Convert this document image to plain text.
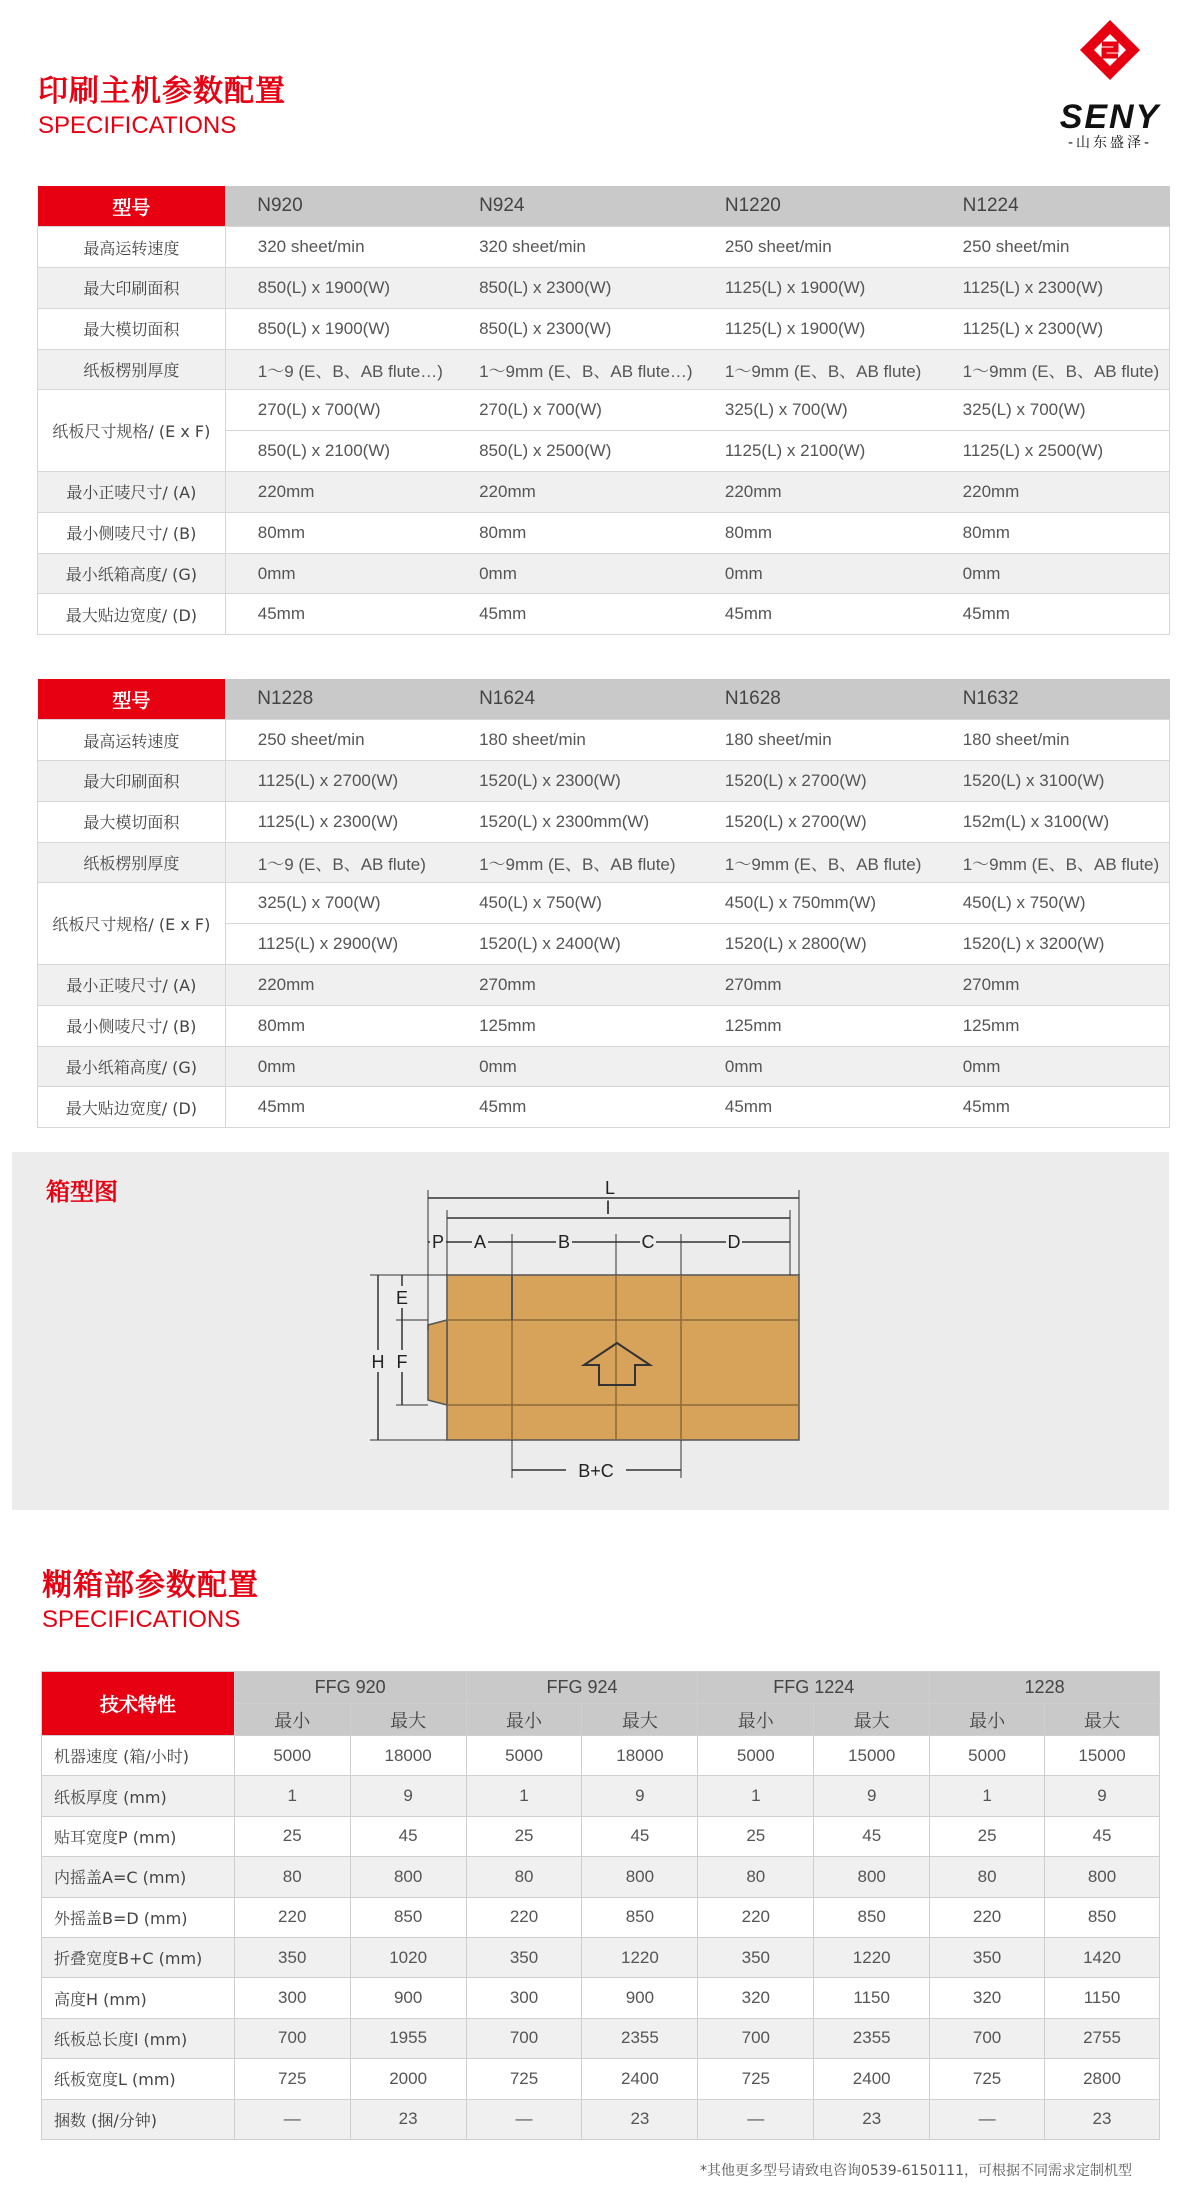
印刷主机参数配置
SPECIFICATIONS	SENY
-山东盛泽-
型号	N920	N924	N1220	N1224
最高运转速度	320 sheet/min	320 sheet/min	250 sheet/min	250 sheet/min
最大印刷面积	850(L) x 1900(W)	850(L) x 2300(W)	1125(L) x 1900(W)	1125(L) x 2300(W)
最大模切面积	850(L) x 1900(W)	850(L) x 2300(W)	1125(L) x 1900(W)	1125(L) x 2300(W)
纸板楞别厚度	1～9 (E、B、AB flute…)	1～9mm (E、B、AB flute…)	1～9mm (E、B、AB flute)	1～9mm (E、B、AB flute)
纸板尺寸规格/ (E x F)	270(L) x 700(W)	270(L) x 700(W)	325(L) x 700(W)	325(L) x 700(W)
	850(L) x 2100(W)	850(L) x 2500(W)	1125(L) x 2100(W)	1125(L) x 2500(W)
最小正唛尺寸/ (A)	220mm	220mm	220mm	220mm
最小侧唛尺寸/ (B)	80mm	80mm	80mm	80mm
最小纸箱高度/ (G)	0mm	0mm	0mm	0mm
最大贴边宽度/ (D)	45mm	45mm	45mm	45mm
型号	N1228	N1624	N1628	N1632
最高运转速度	250 sheet/min	180 sheet/min	180 sheet/min	180 sheet/min
最大印刷面积	1125(L) x 2700(W)	1520(L) x 2300(W)	1520(L) x 2700(W)	1520(L) x 3100(W)
最大模切面积	1125(L) x 2300(W)	1520(L) x 2300mm(W)	1520(L) x 2700(W)	152m(L) x 3100(W)
纸板楞别厚度	1～9 (E、B、AB flute)	1～9mm (E、B、AB flute)	1～9mm (E、B、AB flute)	1～9mm (E、B、AB flute)
纸板尺寸规格/ (E x F)	325(L) x 700(W)	450(L) x 750(W)	450(L) x 750mm(W)	450(L) x 750(W)
	1125(L) x 2900(W)	1520(L) x 2400(W)	1520(L) x 2800(W)	1520(L) x 3200(W)
最小正唛尺寸/ (A)	220mm	270mm	270mm	270mm
最小侧唛尺寸/ (B)	80mm	125mm	125mm	125mm
最小纸箱高度/ (G)	0mm	0mm	0mm	0mm
最大贴边宽度/ (D)	45mm	45mm	45mm	45mm
箱型图	L
l
P A	B	C	D
H
E
F
B+C
糊箱部参数配置
SPECIFICATIONS
技术特性	FFG 920		FFG 924		FFG 1224		1228	
	最小	最大	最小	最大	最小	最大	最小	最大
机器速度 (箱/小时)	5000	18000	5000	18000	5000	15000	5000	15000
纸板厚度 (mm)	1	9	1	9	1	9	1	9
贴耳宽度P (mm)	25	45	25	45	25	45	25	45
内摇盖A=C (mm)	80	800	80	800	80	800	80	800
外摇盖B=D (mm)	220	850	220	850	220	850	220	850
折叠宽度B+C (mm)	350	1020	350	1220	350	1220	350	1420
高度H (mm)	300	900	300	900	320	1150	320	1150
纸板总长度l (mm)	700	1955	700	2355	700	2355	700	2755
纸板宽度L (mm)	725	2000	725	2400	725	2400	725	2800
捆数 (捆/分钟)	—	23	—	23	—	23	—	23
*其他更多型号请致电咨询0539-6150111，可根据不同需求定制机型
